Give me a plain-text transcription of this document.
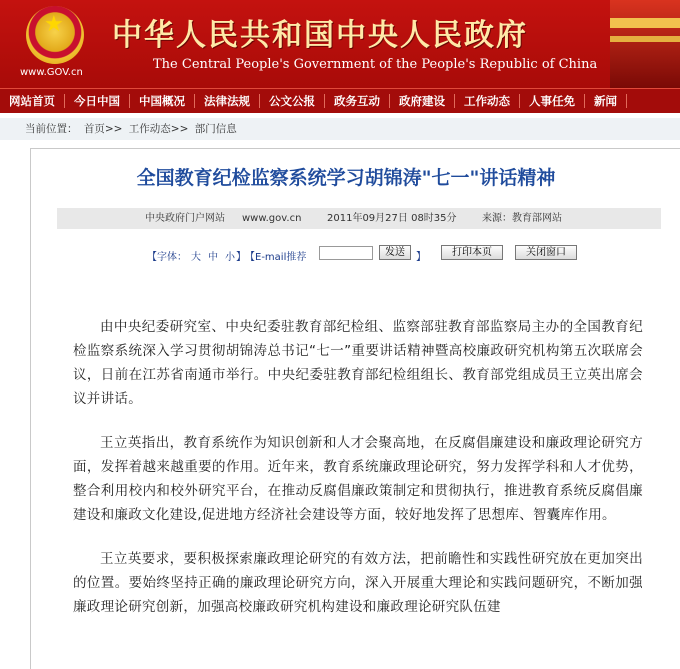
★
www.GOV.cn
中华人民共和国中央人民政府
The Central People's Government of the People's Republic of China
网站首页	今日中国	中国概况	法律法规	公文公报	政务互动	政府建设	工作动态	人事任免	新闻
当前位置： 首页>> 工作动态>> 部门信息
全国教育纪检监察系统学习胡锦涛"七一"讲话精神
中央政府门户网站 www.gov.cn	2011年09月27日 08时35分	来源：教育部网站
【字体： 大 中 小 】 【E-mail推荐	发送	】	打印本页	关闭窗口

由中央纪委研究室、中央纪委驻教育部纪检组、监察部驻教育部监察局主办的全国教育纪检监察系统深入学习贯彻胡锦涛总书记“七一”重要讲话精神暨高校廉政研究机构第五次联席会议，日前在江苏省南通市举行。中央纪委驻教育部纪检组组长、教育部党组成员王立英出席会议并讲话。

王立英指出，教育系统作为知识创新和人才会聚高地，在反腐倡廉建设和廉政理论研究方面，发挥着越来越重要的作用。近年来，教育系统廉政理论研究，努力发挥学科和人才优势，整合利用校内和校外研究平台，在推动反腐倡廉政策制定和贯彻执行，推进教育系统反腐倡廉建设和廉政文化建设,促进地方经济社会建设等方面，较好地发挥了思想库、智囊库作用。

王立英要求，要积极探索廉政理论研究的有效方法，把前瞻性和实践性研究放在更加突出的位置。要始终坚持正确的廉政理论研究方向，深入开展重大理论和实践问题研究，不断加强廉政理论研究创新，加强高校廉政研究机构建设和廉政理论研究队伍建
